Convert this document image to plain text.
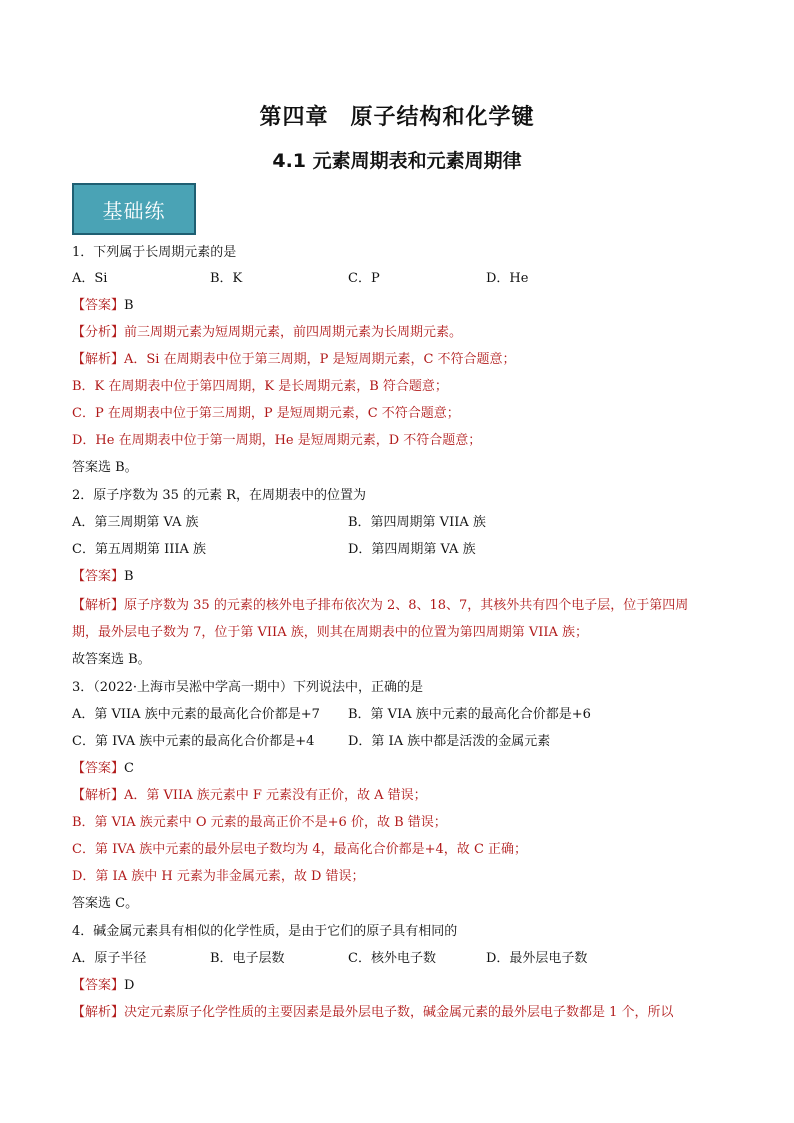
第四章 原子结构和化学键
4.1 元素周期表和元素周期律
基础练
1．下列属于长周期元素的是
A．Si	B．K	C．P	D．He
【答案】B
【分析】前三周期元素为短周期元素，前四周期元素为长周期元素。
【解析】A．Si 在周期表中位于第三周期，P 是短周期元素，C 不符合题意；
B．K 在周期表中位于第四周期，K 是长周期元素，B 符合题意；
C．P 在周期表中位于第三周期，P 是短周期元素，C 不符合题意；
D．He 在周期表中位于第一周期，He 是短周期元素，D 不符合题意；
答案选 B。
2．原子序数为 35 的元素 R，在周期表中的位置为
A．第三周期第 VA 族	B．第四周期第 VIIA 族
C．第五周期第 IIIA 族	D．第四周期第 VA 族
【答案】B
【解析】原子序数为 35 的元素的核外电子排布依次为 2、8、18、7，其核外共有四个电子层，位于第四周
期，最外层电子数为 7，位于第 VIIA 族，则其在周期表中的位置为第四周期第 VIIA 族；
故答案选 B。
3．（2022·上海市吴淞中学高一期中）下列说法中，正确的是
A．第 VIIA 族中元素的最高化合价都是+7 B．第 VIA 族中元素的最高化合价都是+6
C．第 IVA 族中元素的最高化合价都是+4	D．第 IA 族中都是活泼的金属元素
【答案】C
【解析】A．第 VIIA 族元素中 F 元素没有正价，故 A 错误；
B．第 VIA 族元素中 O 元素的最高正价不是+6 价，故 B 错误；
C．第 IVA 族中元素的最外层电子数均为 4，最高化合价都是+4，故 C 正确；
D．第 IA 族中 H 元素为非金属元素，故 D 错误；
答案选 C。
4．碱金属元素具有相似的化学性质，是由于它们的原子具有相同的
A．原子半径	B．电子层数	C．核外电子数	D．最外层电子数
【答案】D
【解析】决定元素原子化学性质的主要因素是最外层电子数，碱金属元素的最外层电子数都是 1 个，所以
